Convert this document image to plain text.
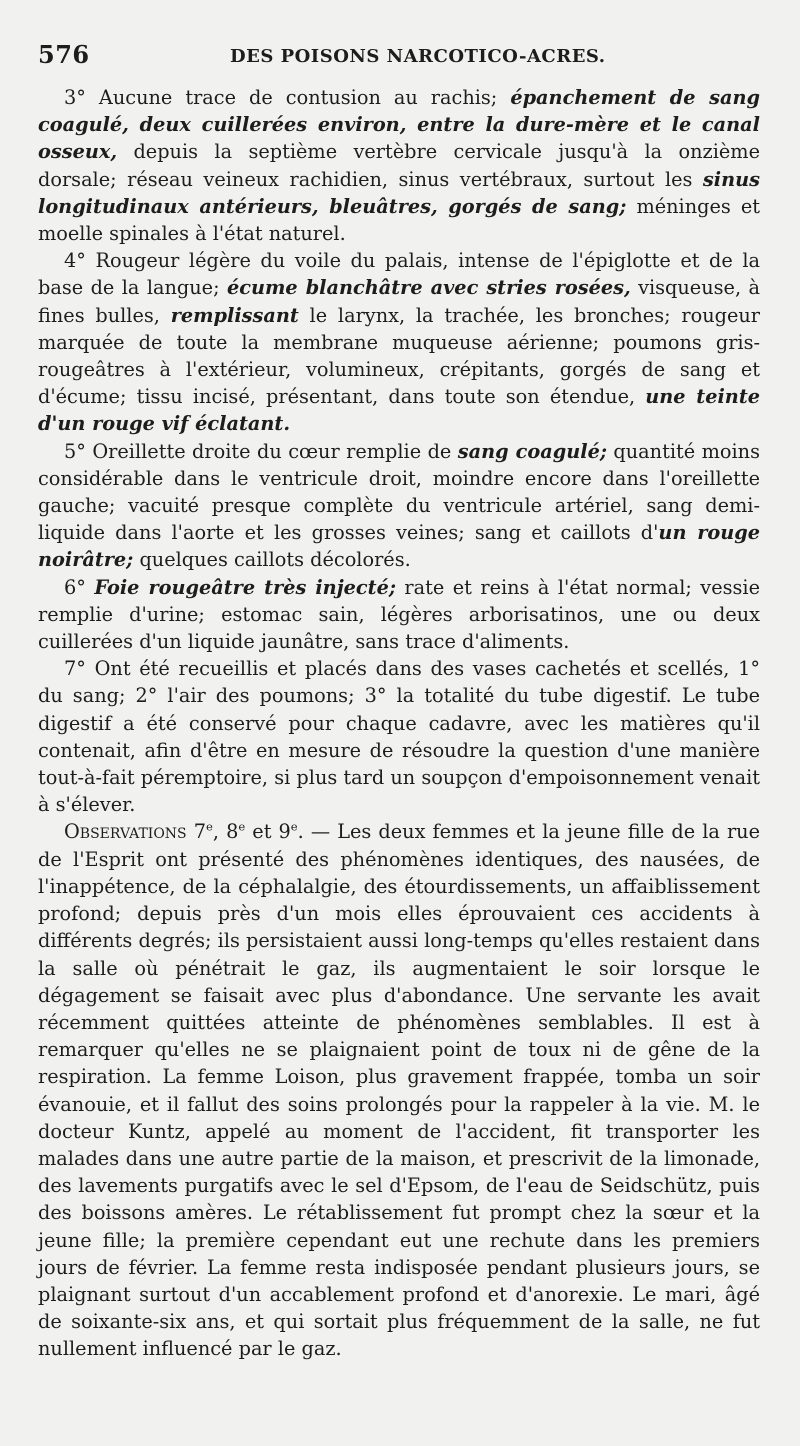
576	DES POISONS NARCOTICO-ACRES.

3° Aucune trace de contusion au rachis; épanchement de sang coagulé, deux cuillerées environ, entre la dure-mère et le canal osseux, depuis la septième vertèbre cervicale jusqu'à la onzième dorsale; réseau veineux rachidien, sinus vertébraux, surtout les sinus longitudinaux antérieurs, bleuâtres, gorgés de sang; méninges et moelle spinales à l'état naturel.

4° Rougeur légère du voile du palais, intense de l'épiglotte et de la base de la langue; écume blanchâtre avec stries rosées, visqueuse, à fines bulles, remplissant le larynx, la trachée, les bronches; rougeur marquée de toute la membrane muqueuse aérienne; poumons gris-rougeâtres à l'extérieur, volumineux, crépitants, gorgés de sang et d'écume; tissu incisé, présentant, dans toute son étendue, une teinte d'un rouge vif éclatant.

5° Oreillette droite du cœur remplie de sang coagulé; quantité moins considérable dans le ventricule droit, moindre encore dans l'oreillette gauche; vacuité presque complète du ventricule artériel, sang demi-liquide dans l'aorte et les grosses veines; sang et caillots d'un rouge noirâtre; quelques caillots décolorés.

6° Foie rougeâtre très injecté; rate et reins à l'état normal; vessie remplie d'urine; estomac sain, légères arborisatinos, une ou deux cuillerées d'un liquide jaunâtre, sans trace d'aliments.

7° Ont été recueillis et placés dans des vases cachetés et scellés, 1° du sang; 2° l'air des poumons; 3° la totalité du tube digestif. Le tube digestif a été conservé pour chaque cadavre, avec les matières qu'il contenait, afin d'être en mesure de résoudre la question d'une manière tout-à-fait péremptoire, si plus tard un soupçon d'empoisonnement venait à s'élever.

Observations 7e, 8e et 9e. — Les deux femmes et la jeune fille de la rue de l'Esprit ont présenté des phénomènes identiques, des nausées, de l'inappétence, de la céphalalgie, des étourdissements, un affaiblissement profond; depuis près d'un mois elles éprouvaient ces accidents à différents degrés; ils persistaient aussi long-temps qu'elles restaient dans la salle où pénétrait le gaz, ils augmentaient le soir lorsque le dégagement se faisait avec plus d'abondance. Une servante les avait récemment quittées atteinte de phénomènes semblables. Il est à remarquer qu'elles ne se plaignaient point de toux ni de gêne de la respiration. La femme Loison, plus gravement frappée, tomba un soir évanouie, et il fallut des soins prolongés pour la rappeler à la vie. M. le docteur Kuntz, appelé au moment de l'accident, fit transporter les malades dans une autre partie de la maison, et prescrivit de la limonade, des lavements purgatifs avec le sel d'Epsom, de l'eau de Seidschütz, puis des boissons amères. Le rétablissement fut prompt chez la sœur et la jeune fille; la première cependant eut une rechute dans les premiers jours de février. La femme resta indisposée pendant plusieurs jours, se plaignant surtout d'un accablement profond et d'anorexie. Le mari, âgé de soixante-six ans, et qui sortait plus fréquemment de la salle, ne fut nullement influencé par le gaz.
